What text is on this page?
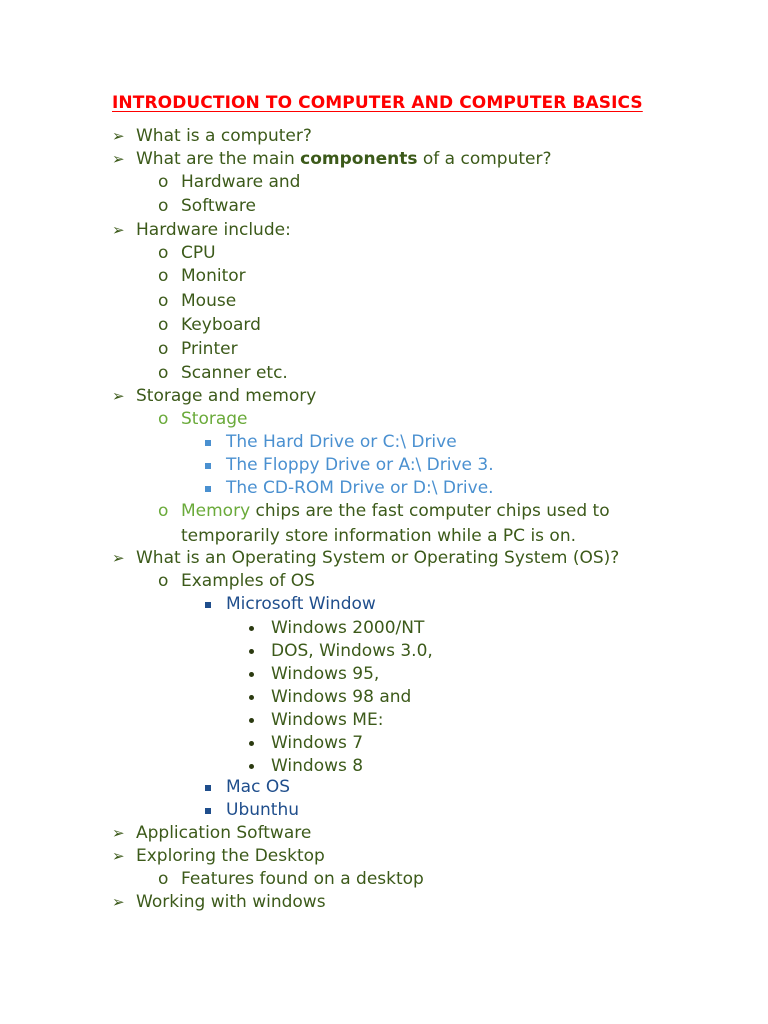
INTRODUCTION TO COMPUTER AND COMPUTER BASICS
➢ What is a computer?
➢ What are the main components of a computer?
o Hardware and
o Software
➢ Hardware include:
o CPU
o Monitor
o Mouse
o Keyboard
o Printer
o Scanner etc.
➢ Storage and memory
o Storage
The Hard Drive or C:\ Drive
The Floppy Drive or A:\ Drive 3.
The CD-ROM Drive or D:\ Drive.
o Memory chips are the fast computer chips used to
temporarily store information while a PC is on.
➢ What is an Operating System or Operating System (OS)?
o Examples of OS
Microsoft Window
Windows 2000/NT
DOS, Windows 3.0,
Windows 95,
Windows 98 and
Windows ME:
Windows 7
Windows 8
Mac OS
Ubunthu
➢ Application Software
➢ Exploring the Desktop
o Features found on a desktop
➢ Working with windows
